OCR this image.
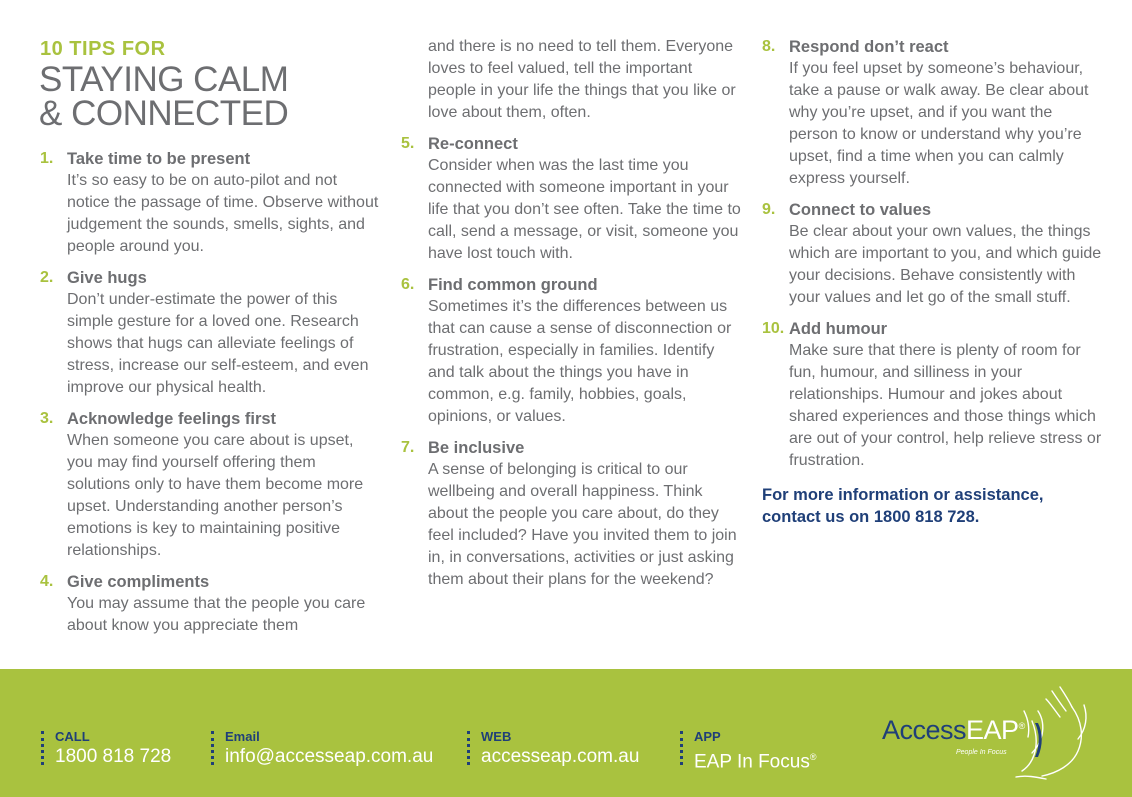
10 TIPS FOR
STAYING CALM
& CONNECTED
1. Take time to be present
It’s so easy to be on auto-pilot and not notice the passage of time. Observe without judgement the sounds, smells, sights, and people around you.
2. Give hugs
Don’t under-estimate the power of this simple gesture for a loved one. Research shows that hugs can alleviate feelings of stress, increase our self-esteem, and even improve our physical health.
3. Acknowledge feelings first
When someone you care about is upset, you may find yourself offering them solutions only to have them become more upset. Understanding another person’s emotions is key to maintaining positive relationships.
4. Give compliments
You may assume that the people you care about know you appreciate them
and there is no need to tell them. Everyone loves to feel valued, tell the important people in your life the things that you like or love about them, often.
5. Re-connect
Consider when was the last time you connected with someone important in your life that you don’t see often. Take the time to call, send a message, or visit, someone you have lost touch with.
6. Find common ground
Sometimes it’s the differences between us that can cause a sense of disconnection or frustration, especially in families. Identify and talk about the things you have in common, e.g. family, hobbies, goals, opinions, or values.
7. Be inclusive
A sense of belonging is critical to our wellbeing and overall happiness. Think about the people you care about, do they feel included? Have you invited them to join in, in conversations, activities or just asking them about their plans for the weekend?
8. Respond don’t react
If you feel upset by someone’s behaviour, take a pause or walk away. Be clear about why you’re upset, and if you want the person to know or understand why you’re upset, find a time when you can calmly express yourself.
9. Connect to values
Be clear about your own values, the things which are important to you, and which guide your decisions. Behave consistently with your values and let go of the small stuff.
10. Add humour
Make sure that there is plenty of room for fun, humour, and silliness in your relationships. Humour and jokes about shared experiences and those things which are out of your control, help relieve stress or frustration.
For more information or assistance, contact us on 1800 818 728.
CALL
1800 818 728
Email
info@accesseap.com.au
WEB
accesseap.com.au
APP
EAP In Focus®
AccessEAP®
People In Focus
